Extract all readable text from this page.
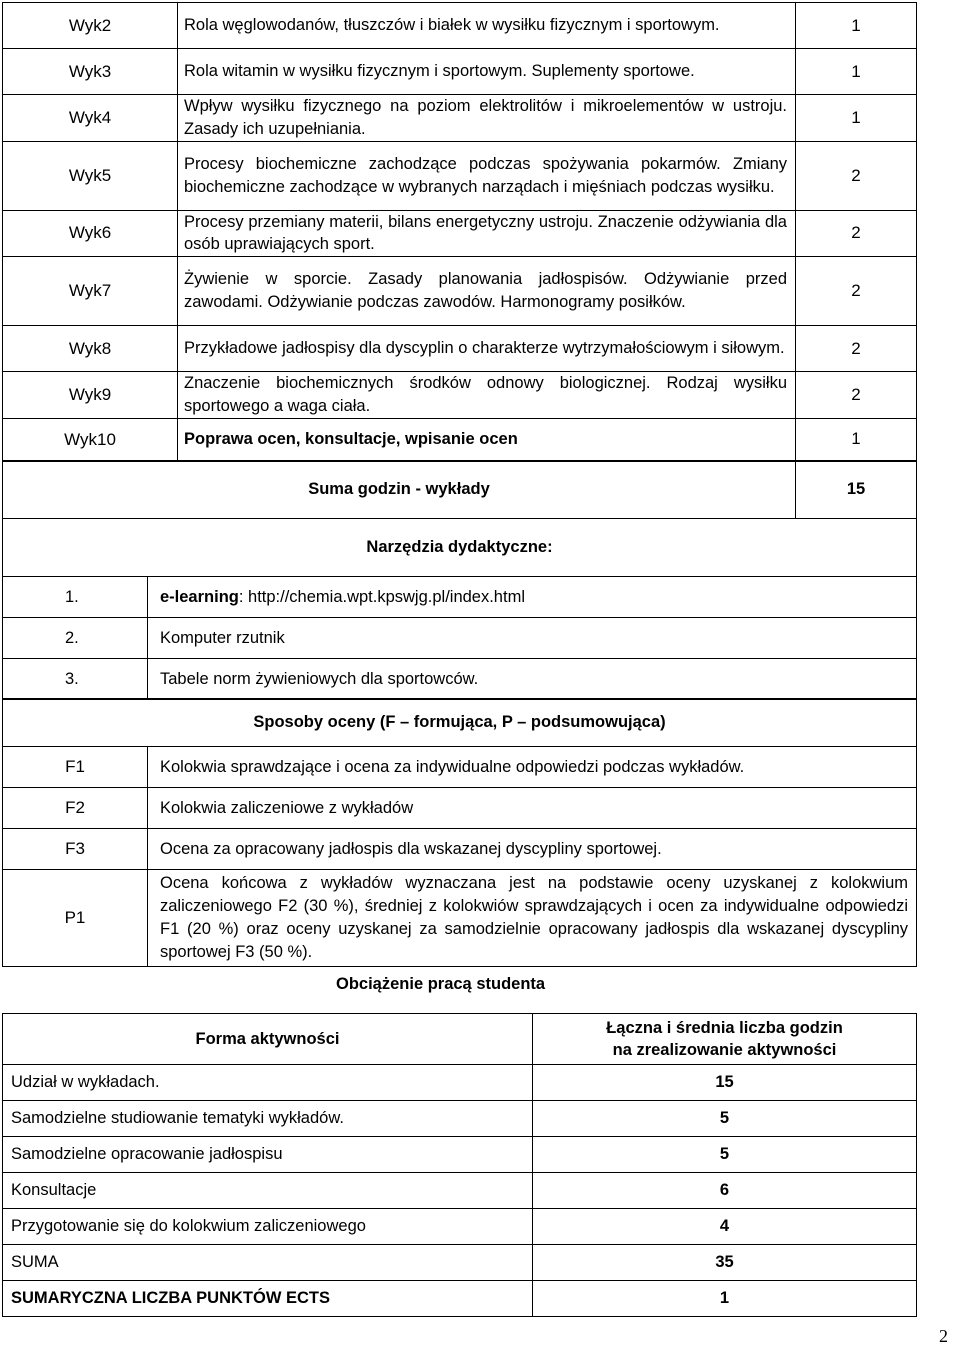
Wyk2	Rola węglowodanów, tłuszczów i białek w wysiłku fizycznym i sportowym.	1
Wyk3	Rola witamin w wysiłku fizycznym i sportowym. Suplementy sportowe.	1
Wyk4	Wpływ wysiłku fizycznego na poziom elektrolitów i mikroelementów w ustroju. Zasady ich uzupełniania.	1
Wyk5	Procesy biochemiczne zachodzące podczas spożywania pokarmów. Zmiany biochemiczne zachodzące w wybranych narządach i mięśniach podczas wysiłku.	2
Wyk6	Procesy przemiany materii, bilans energetyczny ustroju. Znaczenie odżywiania dla osób uprawiających sport.	2
Wyk7	Żywienie w sporcie. Zasady planowania jadłospisów. Odżywianie przed zawodami. Odżywianie podczas zawodów. Harmonogramy posiłków.	2
Wyk8	Przykładowe jadłospisy dla dyscyplin o charakterze wytrzymałościowym i siłowym.	2
Wyk9	Znaczenie biochemicznych środków odnowy biologicznej. Rodzaj wysiłku sportowego a waga ciała.	2
Wyk10	Poprawa ocen, konsultacje, wpisanie ocen	1
Suma godzin - wykłady	15
Narzędzia dydaktyczne:	
1.	e-learning: http://chemia.wpt.kpswjg.pl/index.html
2.	Komputer rzutnik
3.	Tabele norm żywieniowych dla sportowców.
Sposoby oceny (F – formująca, P – podsumowująca)	
F1	Kolokwia sprawdzające i ocena za indywidualne odpowiedzi podczas wykładów.
F2	Kolokwia zaliczeniowe z wykładów
F3	Ocena za opracowany jadłospis dla wskazanej dyscypliny sportowej.
P1	Ocena końcowa z wykładów wyznaczana jest na podstawie oceny uzyskanej z kolokwium zaliczeniowego F2 (30 %), średniej z kolokwiów sprawdzających i ocen za indywidualne odpowiedzi F1 (20 %) oraz oceny uzyskanej za samodzielnie opracowany jadłospis dla wskazanej dyscypliny sportowej F3 (50 %).
Obciążenie pracą studenta
Forma aktywności	Łączna i średnia liczba godzin
na zrealizowanie aktywności

Udział w wykładach.	15
Samodzielne studiowanie tematyki wykładów.	5
Samodzielne opracowanie jadłospisu	5
Konsultacje	6
Przygotowanie się do kolokwium zaliczeniowego	4
SUMA	35
SUMARYCZNA LICZBA PUNKTÓW ECTS	1
2
